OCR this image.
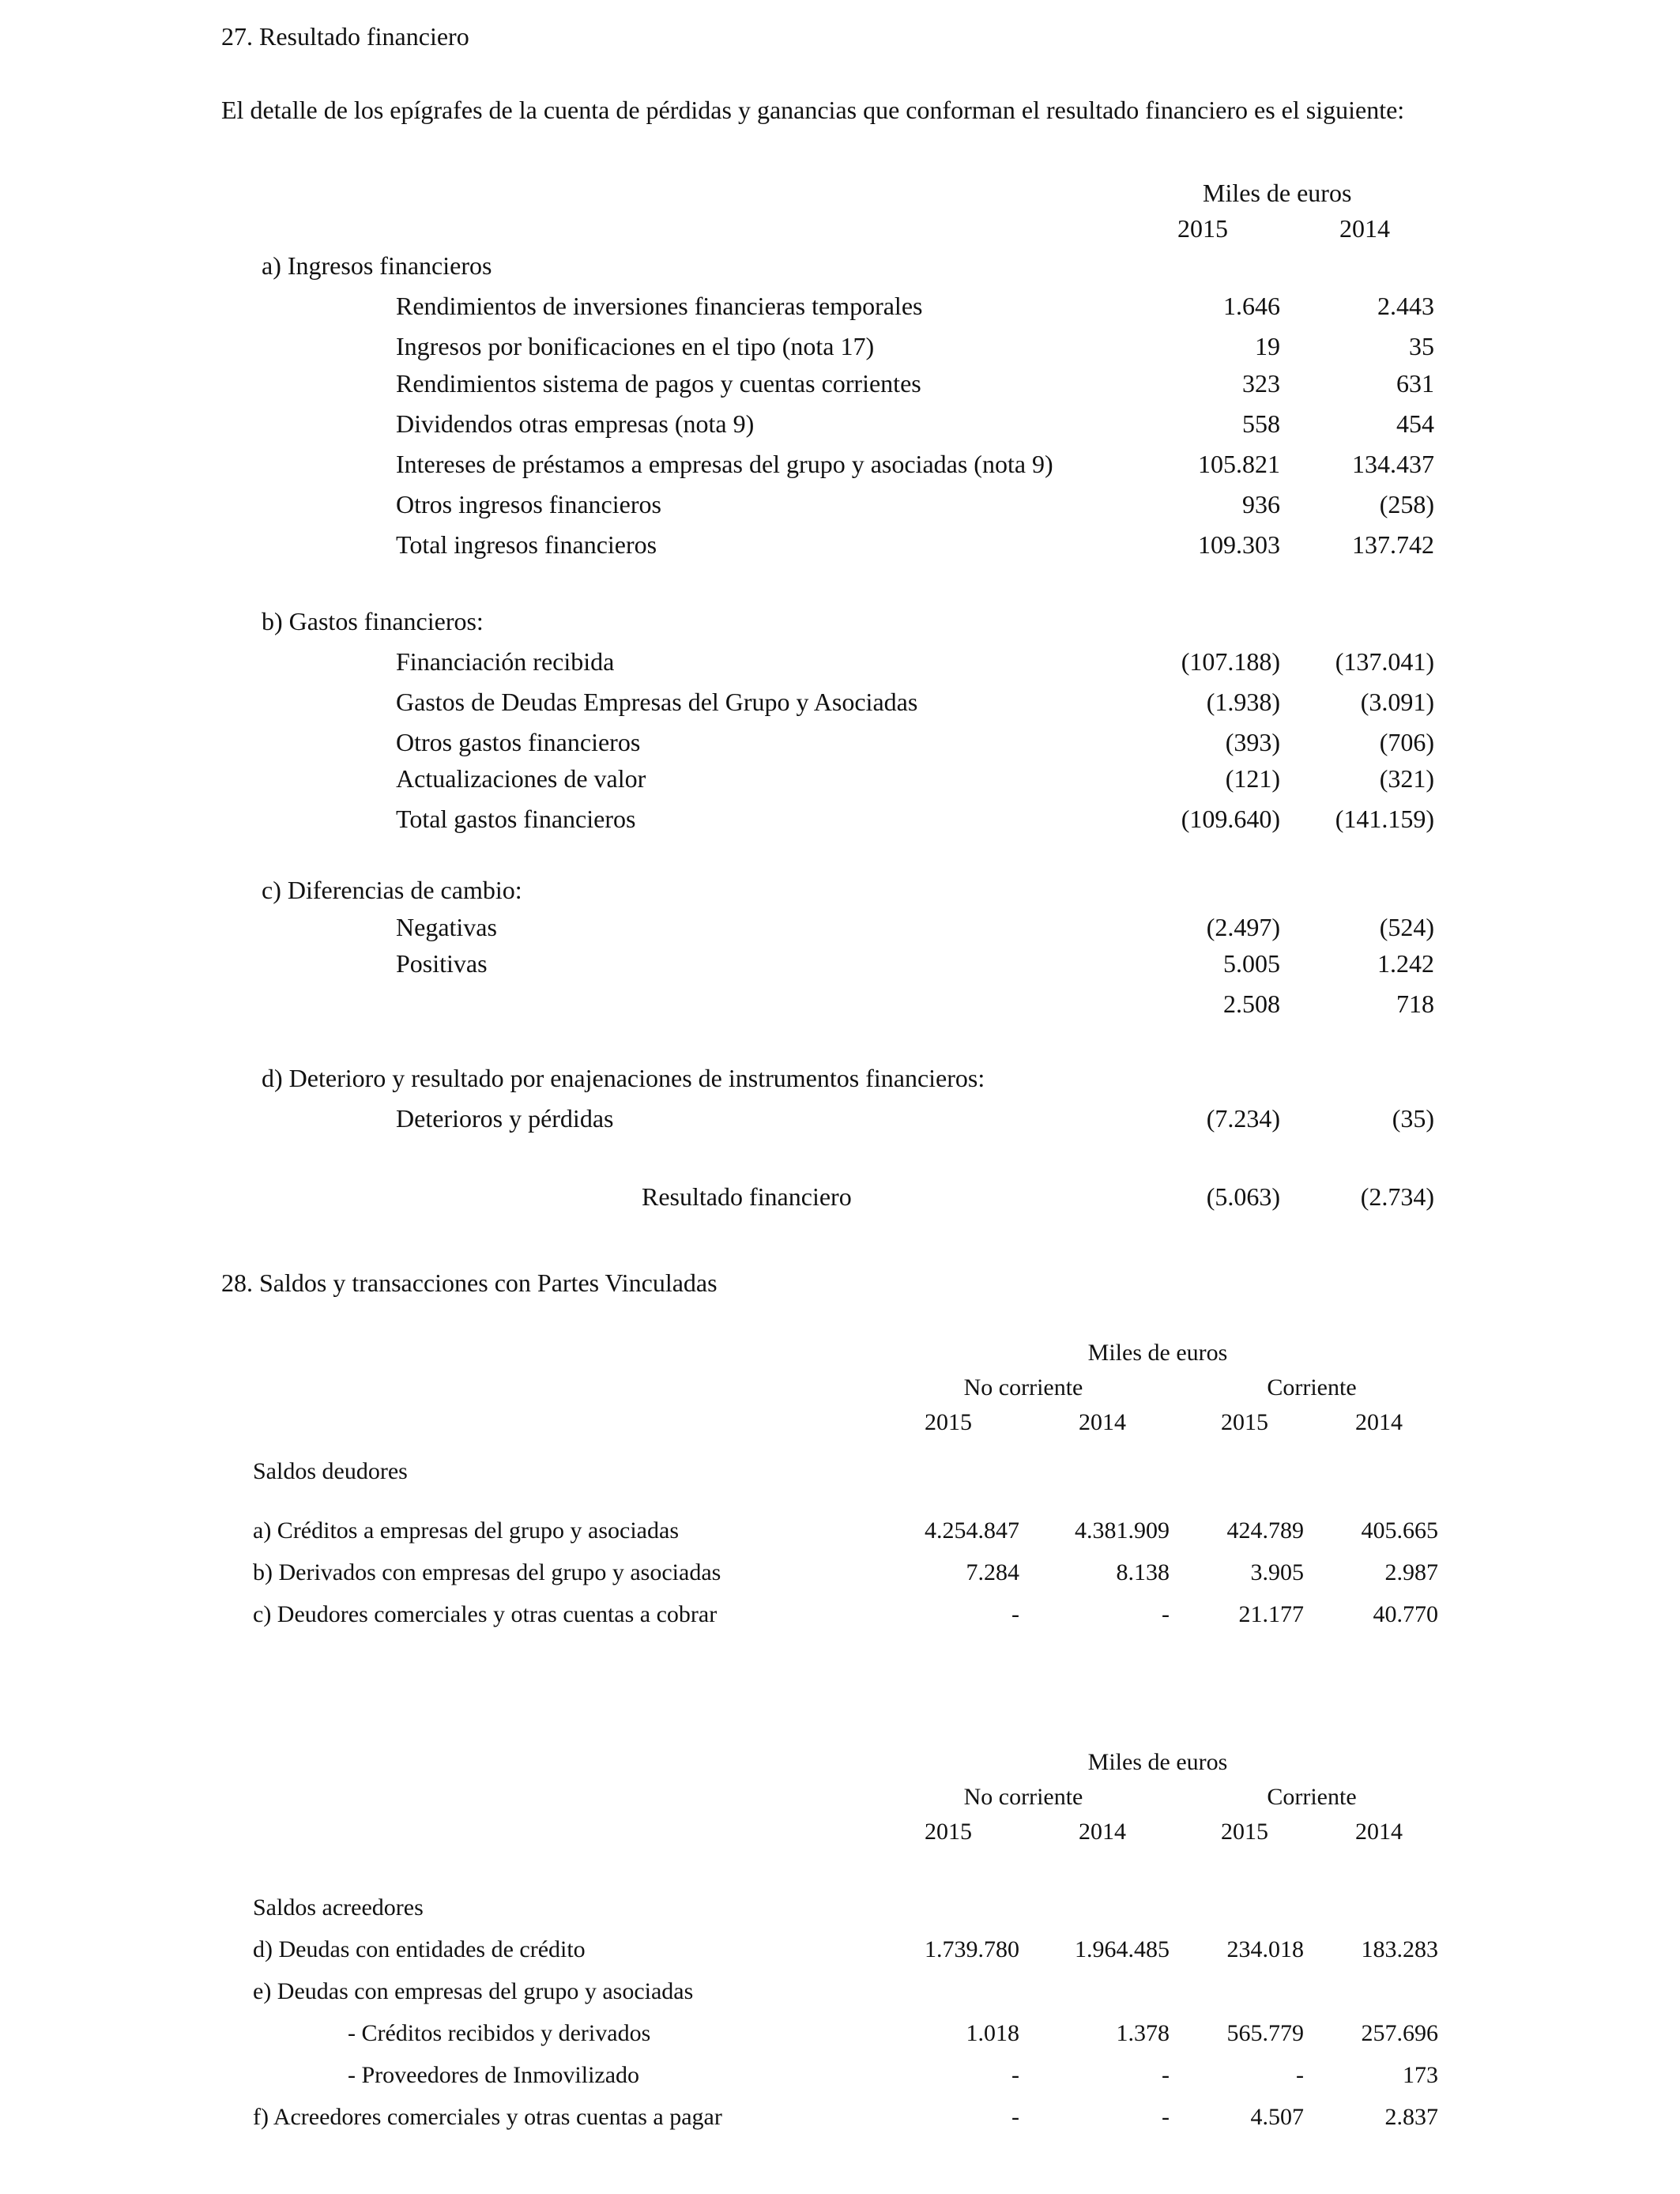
27. Resultado financiero
El detalle de los epígrafes de la cuenta de pérdidas y ganancias que conforman el resultado financiero es el siguiente:
Miles de euros
2015	2014
a) Ingresos financieros
Rendimientos de inversiones financieras temporales	1.646	2.443
Ingresos por bonificaciones en el tipo (nota 17)	19	35
Rendimientos sistema de pagos y cuentas corrientes	323	631
Dividendos otras empresas (nota 9)	558	454
Intereses de préstamos a empresas del grupo y asociadas (nota 9)	105.821	134.437
Otros ingresos financieros	936	(258)
Total ingresos financieros	109.303	137.742
b) Gastos financieros:
Financiación recibida	(107.188)	(137.041)
Gastos de Deudas Empresas del Grupo y Asociadas	(1.938)	(3.091)
Otros gastos financieros	(393)	(706)
Actualizaciones de valor	(121)	(321)
Total gastos financieros	(109.640)	(141.159)
c) Diferencias de cambio:
Negativas	(2.497)	(524)
Positivas	5.005	1.242
2.508	718
d) Deterioro y resultado por enajenaciones de instrumentos financieros:
Deterioros y pérdidas	(7.234)	(35)
Resultado financiero	(5.063)	(2.734)
28. Saldos y transacciones con Partes Vinculadas
Miles de euros
No corriente	Corriente
2015	2014	2015	2014
Saldos deudores
a) Créditos a empresas del grupo y asociadas	4.254.847	4.381.909	424.789	405.665
b) Derivados con empresas del grupo y asociadas	7.284	8.138	3.905	2.987
c) Deudores comerciales y otras cuentas a cobrar	-	-	21.177	40.770
Miles de euros
No corriente	Corriente
2015	2014	2015	2014
Saldos acreedores
d) Deudas con entidades de crédito	1.739.780	1.964.485	234.018	183.283
e) Deudas con empresas del grupo y asociadas
- Créditos recibidos y derivados	1.018	1.378	565.779	257.696
- Proveedores de Inmovilizado	-	-	-	173
f) Acreedores comerciales y otras cuentas a pagar	-	-	4.507	2.837
